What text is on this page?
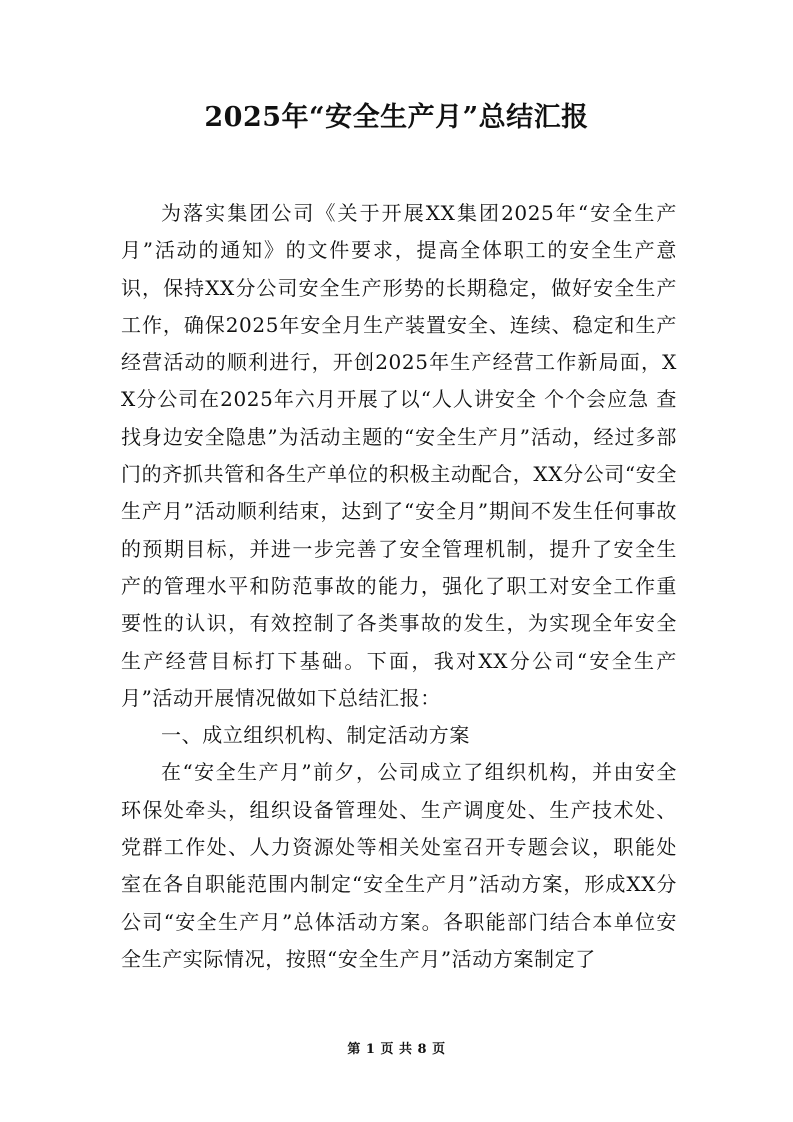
2025年“安全生产月”总结汇报

为落实集团公司《关于开展XX集团2025年“安全生产月”活动的通知》的文件要求，提高全体职工的安全生产意识，保持XX分公司安全生产形势的长期稳定，做好安全生产工作，确保2025年安全月生产装置安全、连续、稳定和生产经营活动的顺利进行，开创2025年生产经营工作新局面，XX分公司在2025年六月开展了以“人人讲安全 个个会应急 查找身边安全隐患”为活动主题的“安全生产月”活动，经过多部门的齐抓共管和各生产单位的积极主动配合，XX分公司“安全生产月”活动顺利结束，达到了“安全月”期间不发生任何事故的预期目标，并进一步完善了安全管理机制，提升了安全生产的管理水平和防范事故的能力，强化了职工对安全工作重要性的认识，有效控制了各类事故的发生，为实现全年安全生产经营目标打下基础。下面，我对XX分公司“安全生产月”活动开展情况做如下总结汇报：

一、成立组织机构、制定活动方案

在“安全生产月”前夕，公司成立了组织机构，并由安全环保处牵头，组织设备管理处、生产调度处、生产技术处、党群工作处、人力资源处等相关处室召开专题会议，职能处室在各自职能范围内制定“安全生产月”活动方案，形成XX分公司“安全生产月”总体活动方案。各职能部门结合本单位安全生产实际情况，按照“安全生产月”活动方案制定了

第 1 页 共 8 页
